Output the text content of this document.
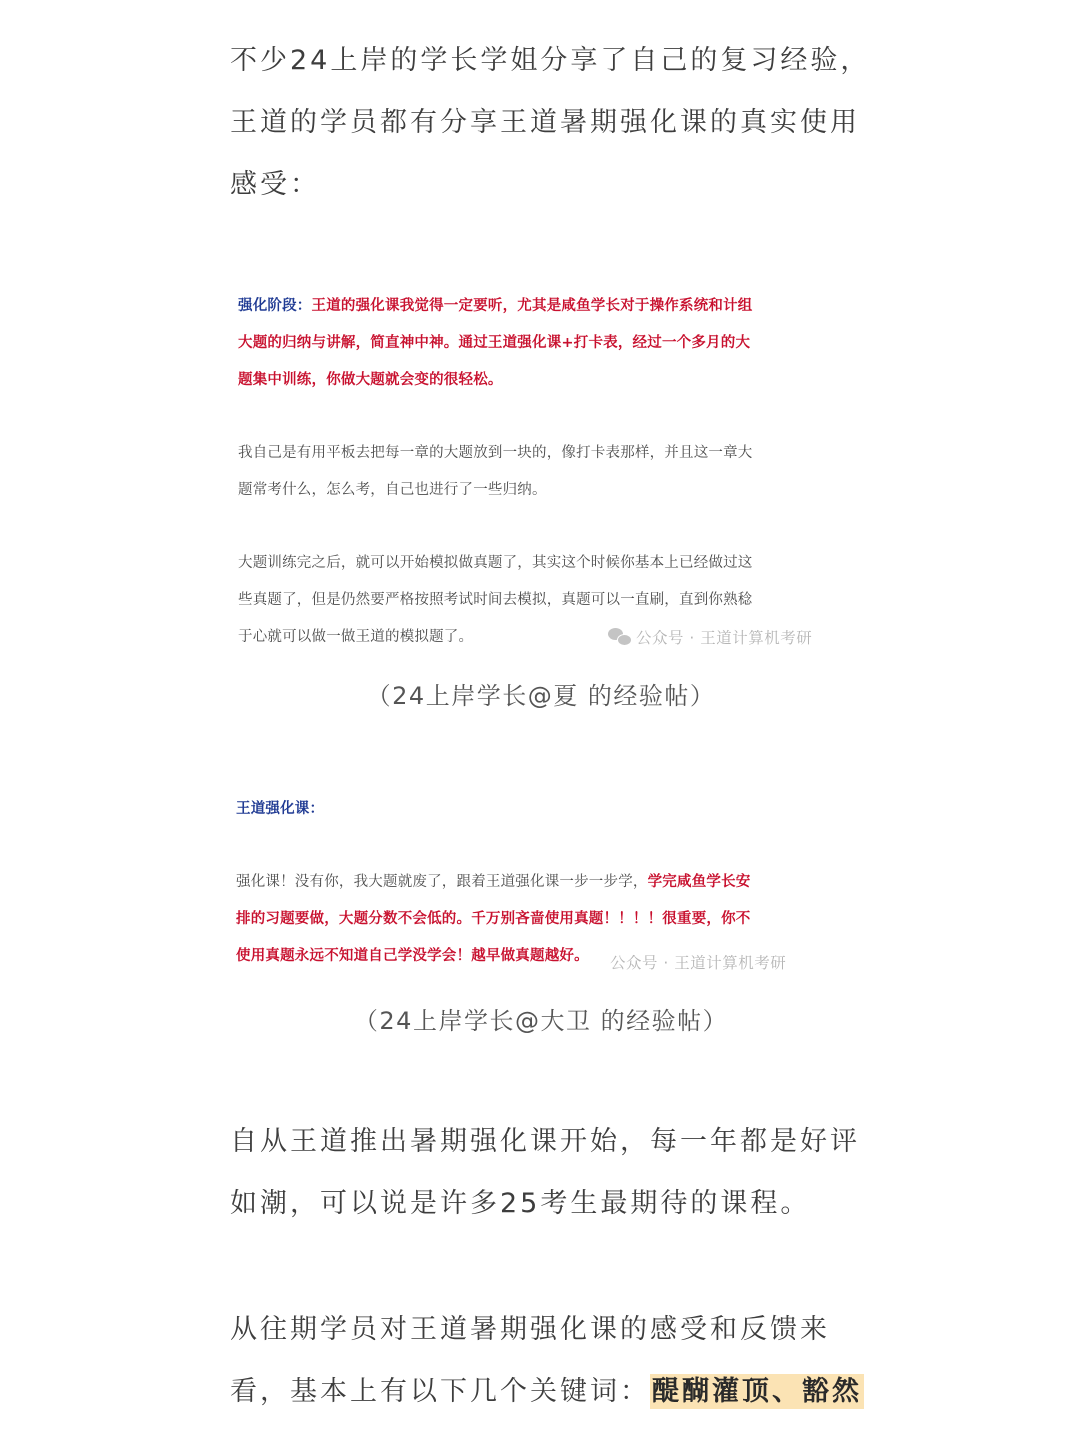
不少24上岸的学长学姐分享了自己的复习经验，
王道的学员都有分享王道暑期强化课的真实使用
感受：
强化阶段：王道的强化课我觉得一定要听，尤其是咸鱼学长对于操作系统和计组
大题的归纳与讲解，简直神中神。通过王道强化课+打卡表，经过一个多月的大
题集中训练，你做大题就会变的很轻松。
我自己是有用平板去把每一章的大题放到一块的，像打卡表那样，并且这一章大
题常考什么，怎么考，自己也进行了一些归纳。
大题训练完之后，就可以开始模拟做真题了，其实这个时候你基本上已经做过这
些真题了，但是仍然要严格按照考试时间去模拟，真题可以一直刷，直到你熟稔
于心就可以做一做王道的模拟题了。	公众号 · 王道计算机考研
（24上岸学长@夏 的经验帖）
王道强化课：
强化课！没有你，我大题就废了，跟着王道强化课一步一步学，学完咸鱼学长安
排的习题要做，大题分数不会低的。千万别吝啬使用真题！！！！很重要，你不
使用真题永远不知道自己学没学会！越早做真题越好。	公众号 · 王道计算机考研
（24上岸学长@大卫 的经验帖）
自从王道推出暑期强化课开始，每一年都是好评
如潮，可以说是许多25考生最期待的课程。
从往期学员对王道暑期强化课的感受和反馈来
看，基本上有以下几个关键词：醍醐灌顶、豁然
